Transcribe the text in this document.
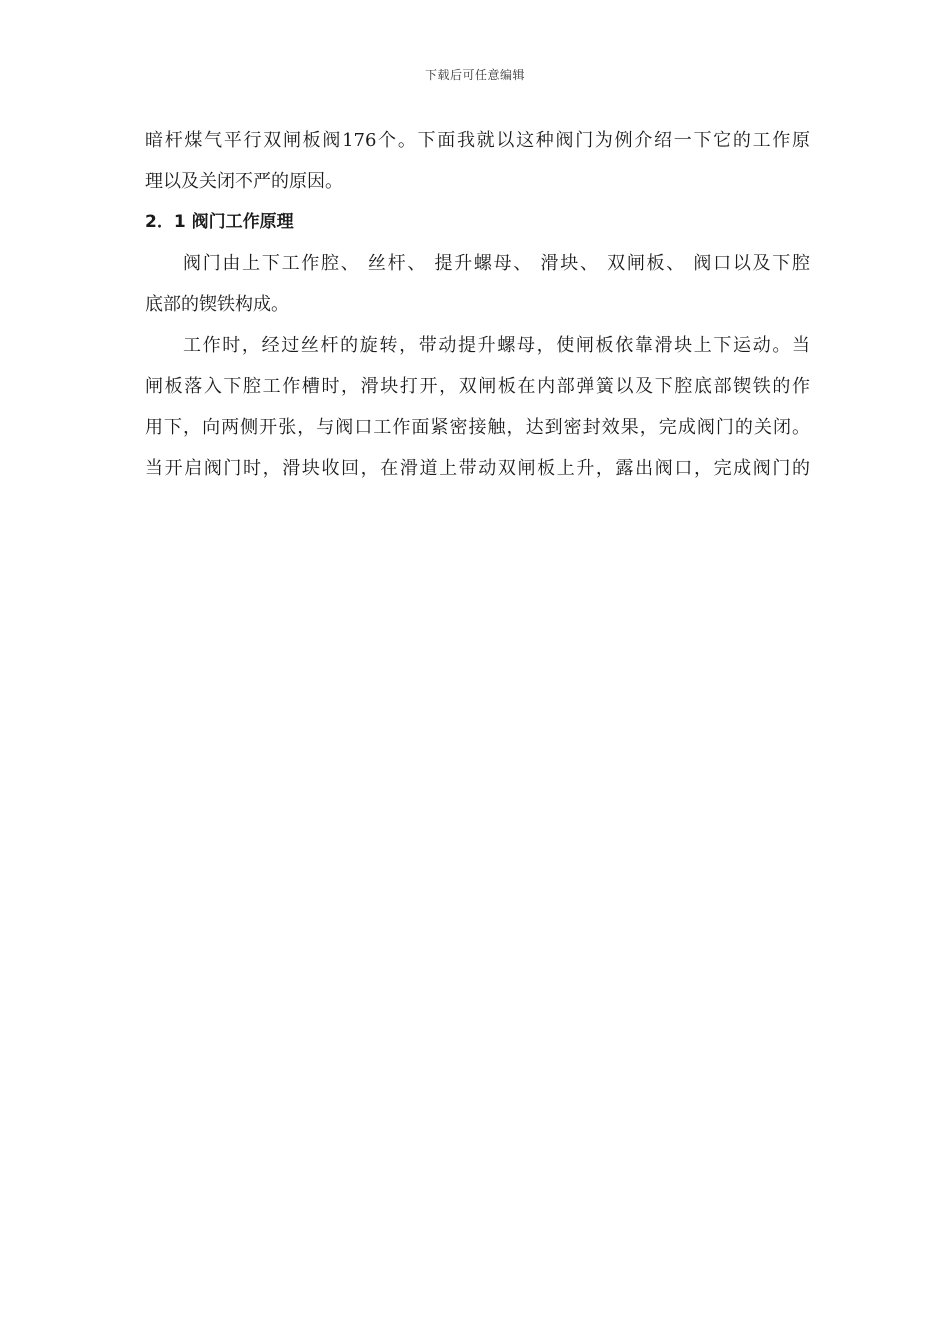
下载后可任意编辑

暗杆煤气平行双闸板阀176个。下面我就以这种阀门为例介绍一下它的工作原
理以及关闭不严的原因。

2．1 阀门工作原理

阀门由上下工作腔、 丝杆、 提升螺母、 滑块、 双闸板、 阀口以及下腔
底部的锲铁构成。

工作时，经过丝杆的旋转，带动提升螺母，使闸板依靠滑块上下运动。当
闸板落入下腔工作槽时，滑块打开，双闸板在内部弹簧以及下腔底部锲铁的作
用下，向两侧开张，与阀口工作面紧密接触，达到密封效果，完成阀门的关闭。
当开启阀门时，滑块收回，在滑道上带动双闸板上升，露出阀口，完成阀门的
